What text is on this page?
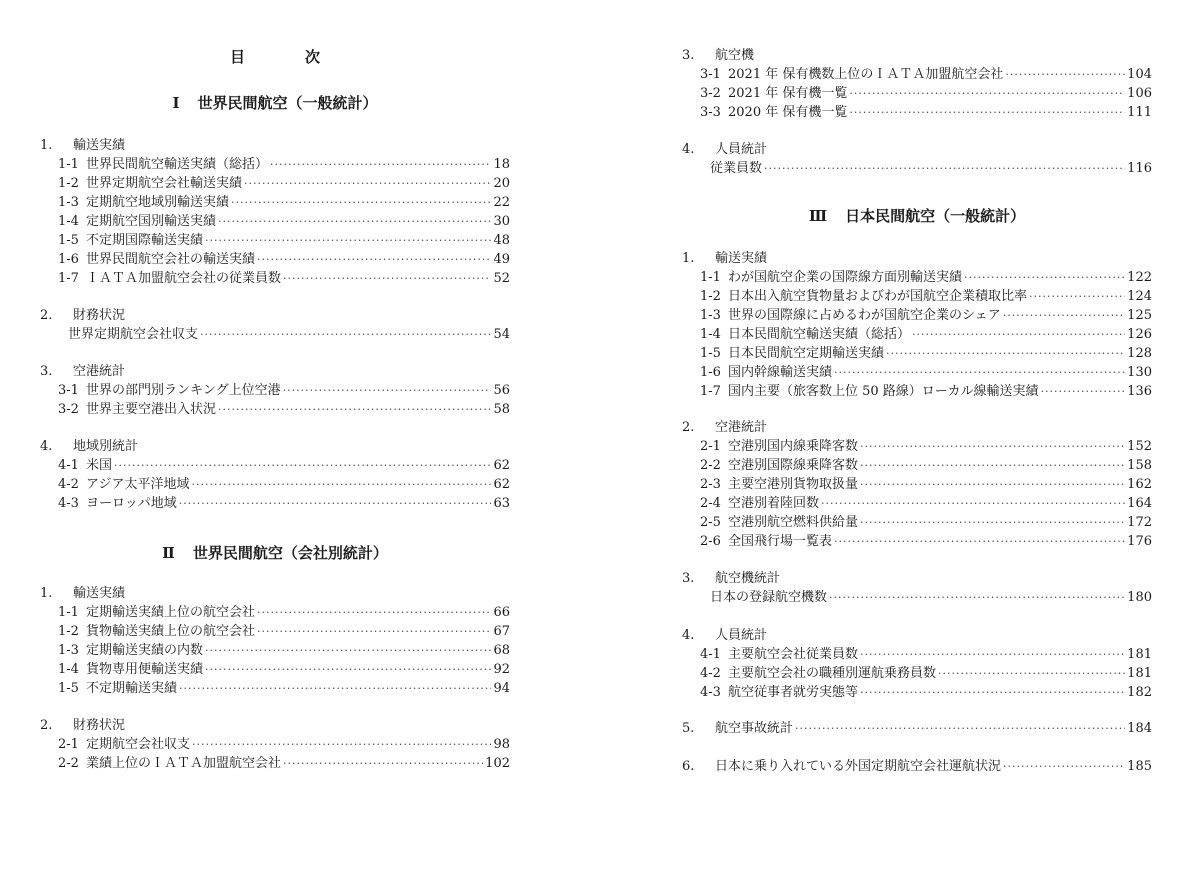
目	次
Ⅰ 世界民間航空（一般統計）
1. 輸送実績
1-1 世界民間航空輸送実績（総括） ·····	18
1-2 世界定期航空会社輸送実績 ·····	20
1-3 定期航空地域別輸送実績 ·····	22
1-4 定期航空国別輸送実績 ·····	30
1-5 不定期国際輸送実績 ·····	48
1-6 世界民間航空会社の輸送実績 ·····	49
1-7 ＩＡＴＡ加盟航空会社の従業員数 ·····	52
2. 財務状況
世界定期航空会社収支 ·····	54
3. 空港統計
3-1 世界の部門別ランキング上位空港 ·····	56
3-2 世界主要空港出入状況 ·····	58
4. 地域別統計
4-1 米国 ·····	62
4-2 アジア太平洋地域 ·····	62
4-3 ヨーロッパ地域 ·····	63
Ⅱ 世界民間航空（会社別統計）
1. 輸送実績
1-1 定期輸送実績上位の航空会社 ·····	66
1-2 貨物輸送実績上位の航空会社 ·····	67
1-3 定期輸送実績の内数 ·····	68
1-4 貨物専用便輸送実績 ·····	92
1-5 不定期輸送実績 ·····	94
2. 財務状況
2-1 定期航空会社収支 ·····	98
2-2 業績上位のＩＡＴＡ加盟航空会社 ·····	102
3. 航空機
3-1 2021 年 保有機数上位のＩＡＴＡ加盟航空会社 ·····	104
3-2 2021 年 保有機一覧 ·····	106
3-3 2020 年 保有機一覧 ·····	111
4. 人員統計
従業員数 ·····	116
Ⅲ 日本民間航空（一般統計）
1. 輸送実績
1-1 わが国航空企業の国際線方面別輸送実績 ·····	122
1-2 日本出入航空貨物量およびわが国航空企業積取比率 ·····	124
1-3 世界の国際線に占めるわが国航空企業のシェア ·····	125
1-4 日本民間航空輸送実績（総括） ·····	126
1-5 日本民間航空定期輸送実績 ·····	128
1-6 国内幹線輸送実績 ·····	130
1-7 国内主要（旅客数上位 50 路線）ローカル線輸送実績 ·····	136
2. 空港統計
2-1 空港別国内線乗降客数 ·····	152
2-2 空港別国際線乗降客数 ·····	158
2-3 主要空港別貨物取扱量 ·····	162
2-4 空港別着陸回数 ·····	164
2-5 空港別航空燃料供給量 ·····	172
2-6 全国飛行場一覧表 ·····	176
3. 航空機統計
日本の登録航空機数 ·····	180
4. 人員統計
4-1 主要航空会社従業員数 ·····	181
4-2 主要航空会社の職種別運航乗務員数 ·····	181
4-3 航空従事者就労実態等 ·····	182
5.	航空事故統計 ·····	184
6.	日本に乗り入れている外国定期航空会社運航状況 ·····	185
